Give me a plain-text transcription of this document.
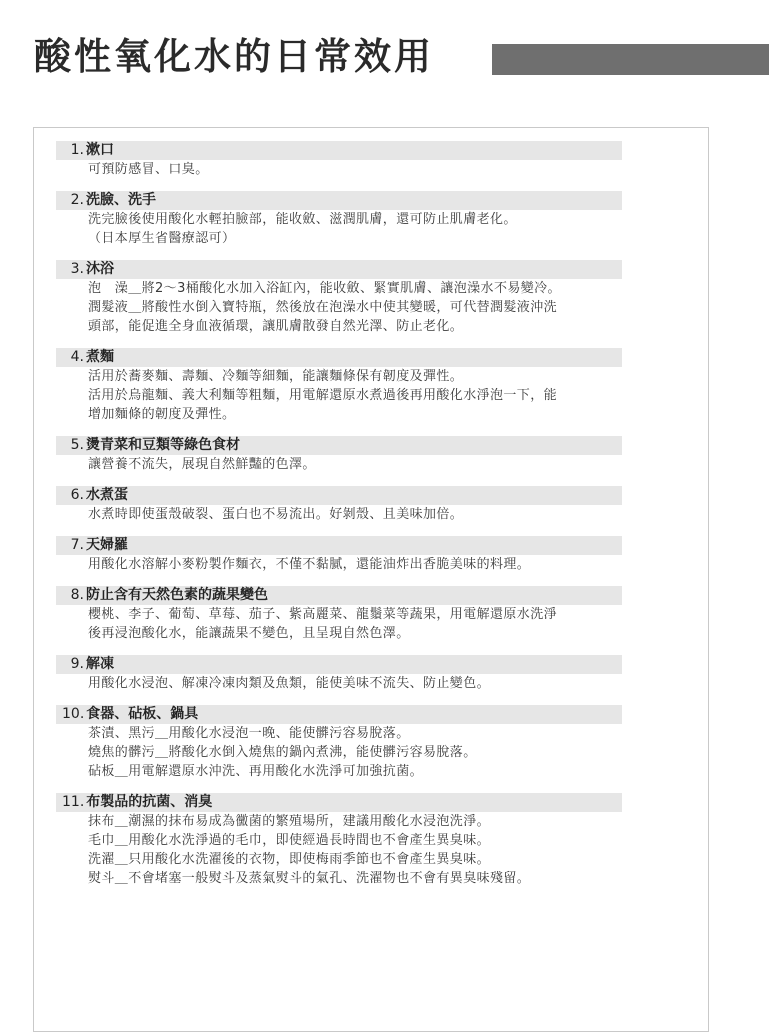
酸性氧化水的日常效用
1. 漱口
可預防感冒、口臭。
2. 洗臉、洗手
洗完臉後使用酸化水輕拍臉部，能收斂、滋潤肌膚，還可防止肌膚老化。
（日本厚生省醫療認可）
3. 沐浴
泡　澡＿將2～3桶酸化水加入浴缸內，能收斂、緊實肌膚、讓泡澡水不易變冷。
潤髮液＿將酸性水倒入寶特瓶，然後放在泡澡水中使其變暖，可代替潤髮液沖洗
頭部，能促進全身血液循環，讓肌膚散發自然光澤、防止老化。
4. 煮麵
活用於蕎麥麵、壽麵、冷麵等細麵，能讓麵條保有韌度及彈性。
活用於烏龍麵、義大利麵等粗麵，用電解還原水煮過後再用酸化水淨泡一下，能
增加麵條的韌度及彈性。
5. 燙青菜和豆類等綠色食材
讓營養不流失，展現自然鮮豔的色澤。
6. 水煮蛋
水煮時即使蛋殼破裂、蛋白也不易流出。好剝殼、且美味加倍。
7. 天婦羅
用酸化水溶解小麥粉製作麵衣，不僅不黏膩，還能油炸出香脆美味的料理。
8. 防止含有天然色素的蔬果變色
櫻桃、李子、葡萄、草莓、茄子、紫高麗菜、龍鬚菜等蔬果，用電解還原水洗淨
後再浸泡酸化水，能讓蔬果不變色，且呈現自然色澤。
9. 解凍
用酸化水浸泡、解凍冷凍肉類及魚類，能使美味不流失、防止變色。
10. 食器、砧板、鍋具
茶漬、黑污＿用酸化水浸泡一晚、能使髒污容易脫落。
燒焦的髒污＿將酸化水倒入燒焦的鍋內煮沸，能使髒污容易脫落。
砧板＿用電解還原水沖洗、再用酸化水洗淨可加強抗菌。
11. 布製品的抗菌、消臭
抹布＿潮濕的抹布易成為黴菌的繁殖場所，建議用酸化水浸泡洗淨。
毛巾＿用酸化水洗淨過的毛巾，即使經過長時間也不會產生異臭味。
洗濯＿只用酸化水洗濯後的衣物，即使梅雨季節也不會產生異臭味。
熨斗＿不會堵塞一般熨斗及蒸氣熨斗的氣孔、洗濯物也不會有異臭味殘留。
